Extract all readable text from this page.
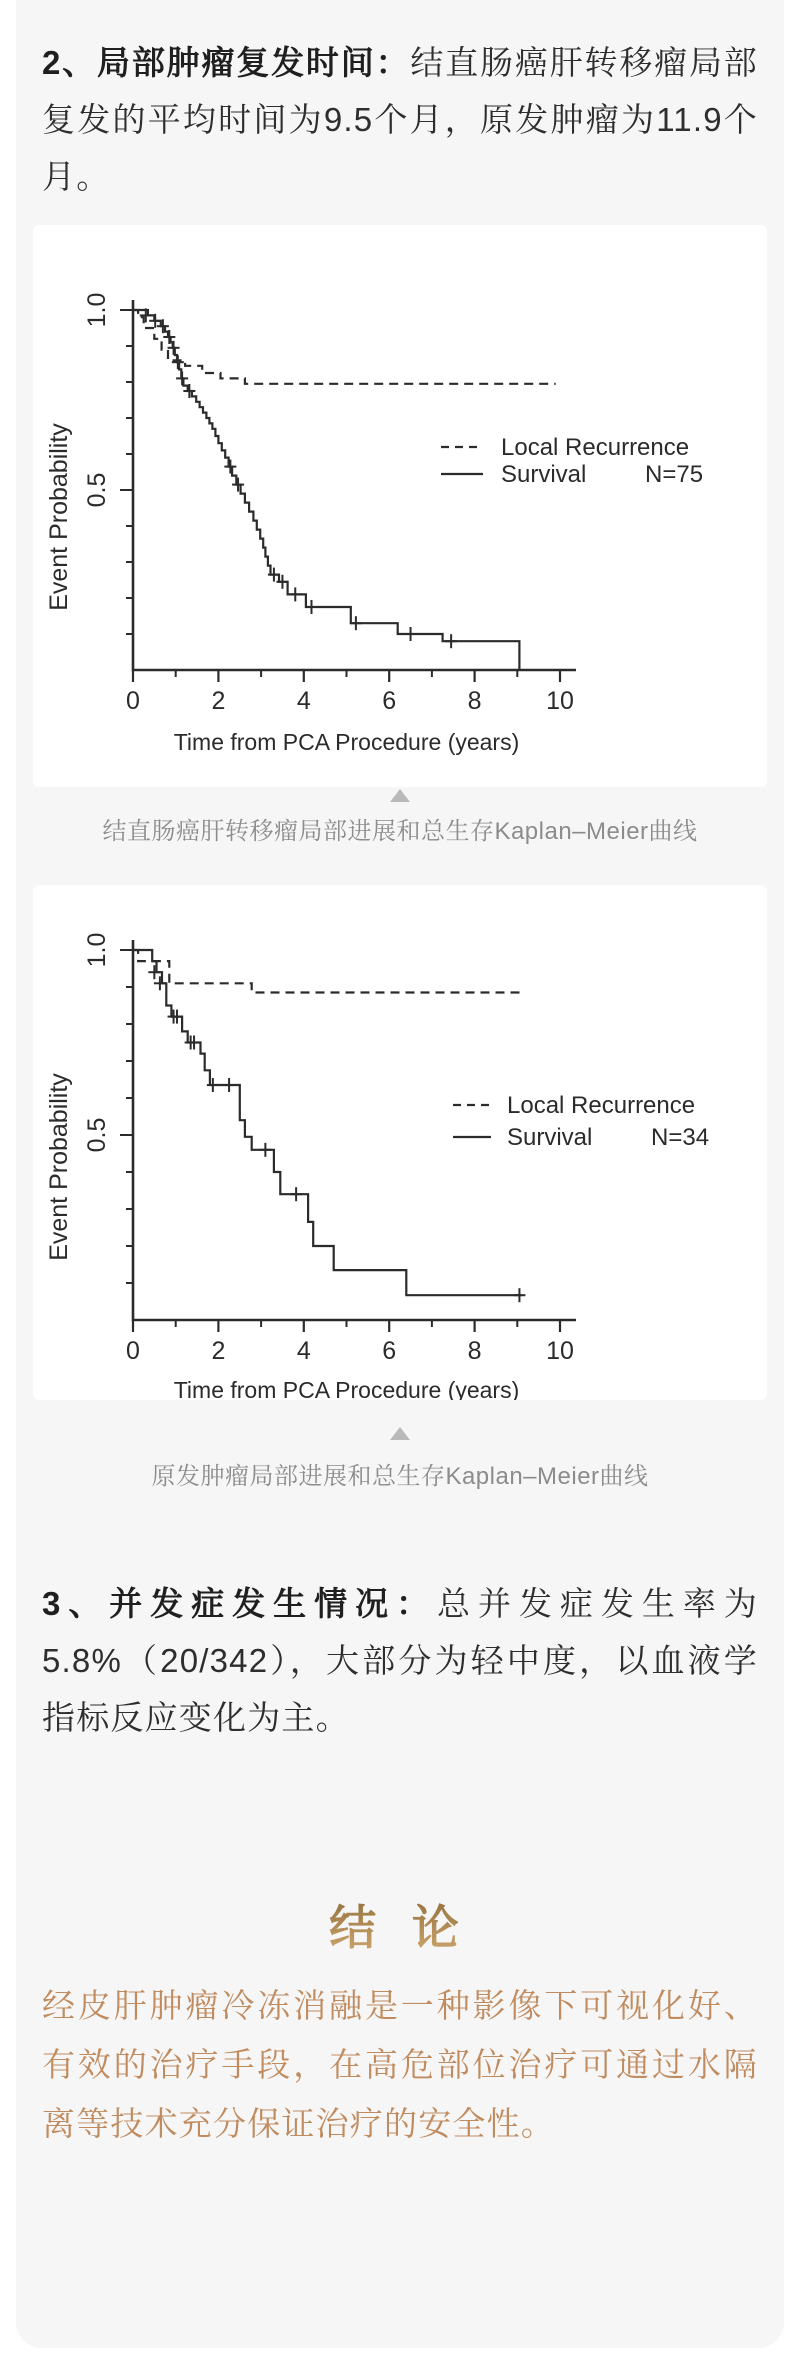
2、局部肿瘤复发时间：结直肠癌肝转移瘤局部复发的平均时间为9.5个月，原发肿瘤为11.9个月。
0	2	4	6	8	10
0.5
1.0
Event Probability
Time from PCA Procedure (years)
Local Recurrence
Survival N=75
结直肠癌肝转移瘤局部进展和总生存Kaplan–Meier曲线
0	2	4	6	8	10
0.5
1.0
Event Probability
Time from PCA Procedure (years)
Local Recurrence
Survival N=34
原发肿瘤局部进展和总生存Kaplan–Meier曲线
3、并发症发生情况：总并发症发生率为5.8%（20/342），大部分为轻中度，以血液学指标反应变化为主。
结 论
经皮肝肿瘤冷冻消融是一种影像下可视化好、有效的治疗手段，在高危部位治疗可通过水隔离等技术充分保证治疗的安全性。
